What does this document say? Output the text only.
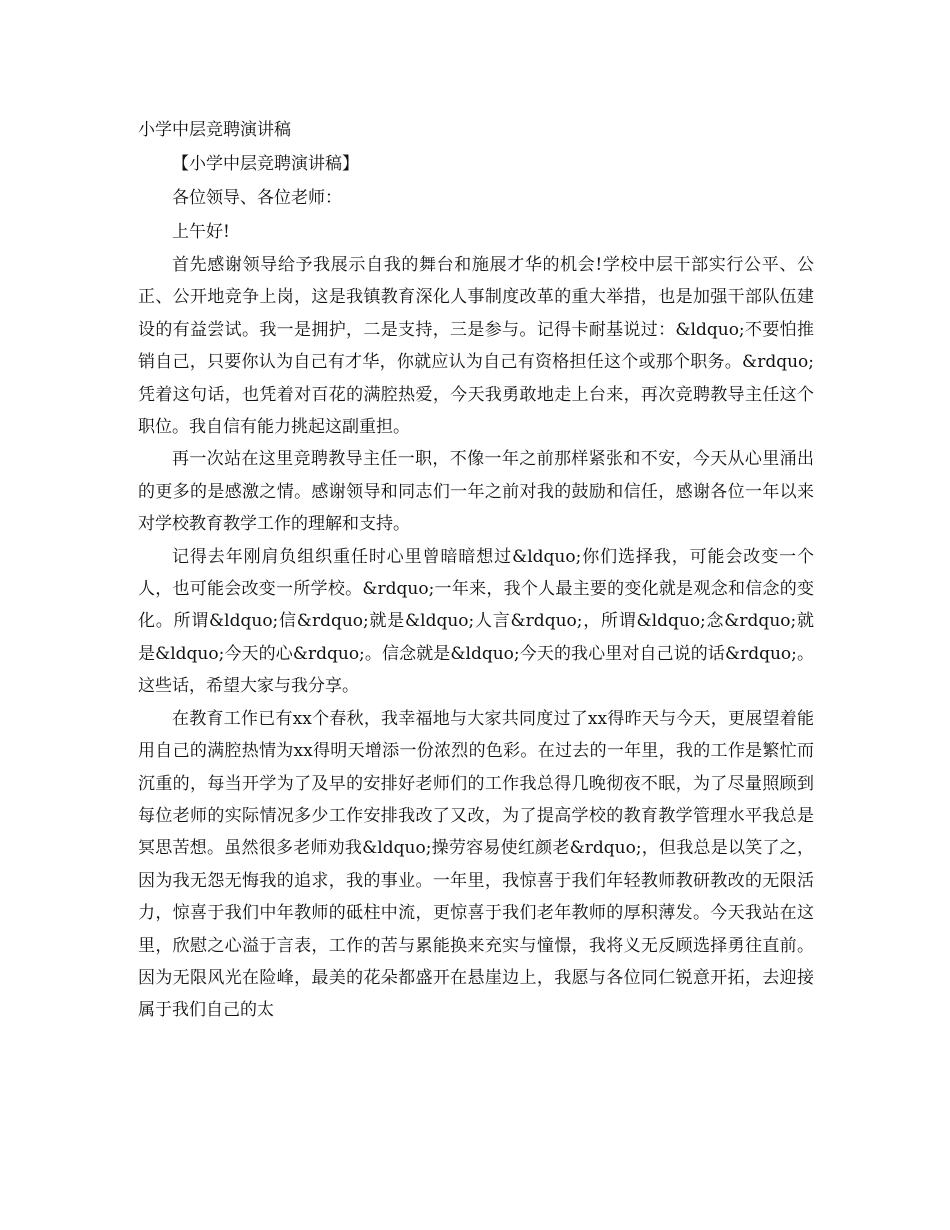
小学中层竞聘演讲稿

【小学中层竞聘演讲稿】

各位领导、各位老师：

上午好!

首先感谢领导给予我展示自我的舞台和施展才华的机会!学校中层干部实行公平、公正、公开地竞争上岗，这是我镇教育深化人事制度改革的重大举措，也是加强干部队伍建设的有益尝试。我一是拥护，二是支持，三是参与。记得卡耐基说过：&ldquo;不要怕推销自己，只要你认为自己有才华，你就应认为自己有资格担任这个或那个职务。&rdquo;凭着这句话，也凭着对百花的满腔热爱，今天我勇敢地走上台来，再次竞聘教导主任这个职位。我自信有能力挑起这副重担。

再一次站在这里竞聘教导主任一职，不像一年之前那样紧张和不安，今天从心里涌出的更多的是感激之情。感谢领导和同志们一年之前对我的鼓励和信任，感谢各位一年以来对学校教育教学工作的理解和支持。

记得去年刚肩负组织重任时心里曾暗暗想过&ldquo;你们选择我，可能会改变一个人，也可能会改变一所学校。&rdquo;一年来，我个人最主要的变化就是观念和信念的变化。所谓&ldquo;信&rdquo;就是&ldquo;人言&rdquo;，所谓&ldquo;念&rdquo;就是&ldquo;今天的心&rdquo;。信念就是&ldquo;今天的我心里对自己说的话&rdquo;。这些话，希望大家与我分享。

在教育工作已有xx个春秋，我幸福地与大家共同度过了xx得昨天与今天，更展望着能用自己的满腔热情为xx得明天增添一份浓烈的色彩。在过去的一年里，我的工作是繁忙而沉重的，每当开学为了及早的安排好老师们的工作我总得几晚彻夜不眠，为了尽量照顾到每位老师的实际情况多少工作安排我改了又改，为了提高学校的教育教学管理水平我总是冥思苦想。虽然很多老师劝我&ldquo;操劳容易使红颜老&rdquo;，但我总是以笑了之，因为我无怨无悔我的追求，我的事业。一年里，我惊喜于我们年轻教师教研教改的无限活力，惊喜于我们中年教师的砥柱中流，更惊喜于我们老年教师的厚积薄发。今天我站在这里，欣慰之心溢于言表，工作的苦与累能换来充实与憧憬，我将义无反顾选择勇往直前。因为无限风光在险峰，最美的花朵都盛开在悬崖边上，我愿与各位同仁锐意开拓，去迎接属于我们自己的太
